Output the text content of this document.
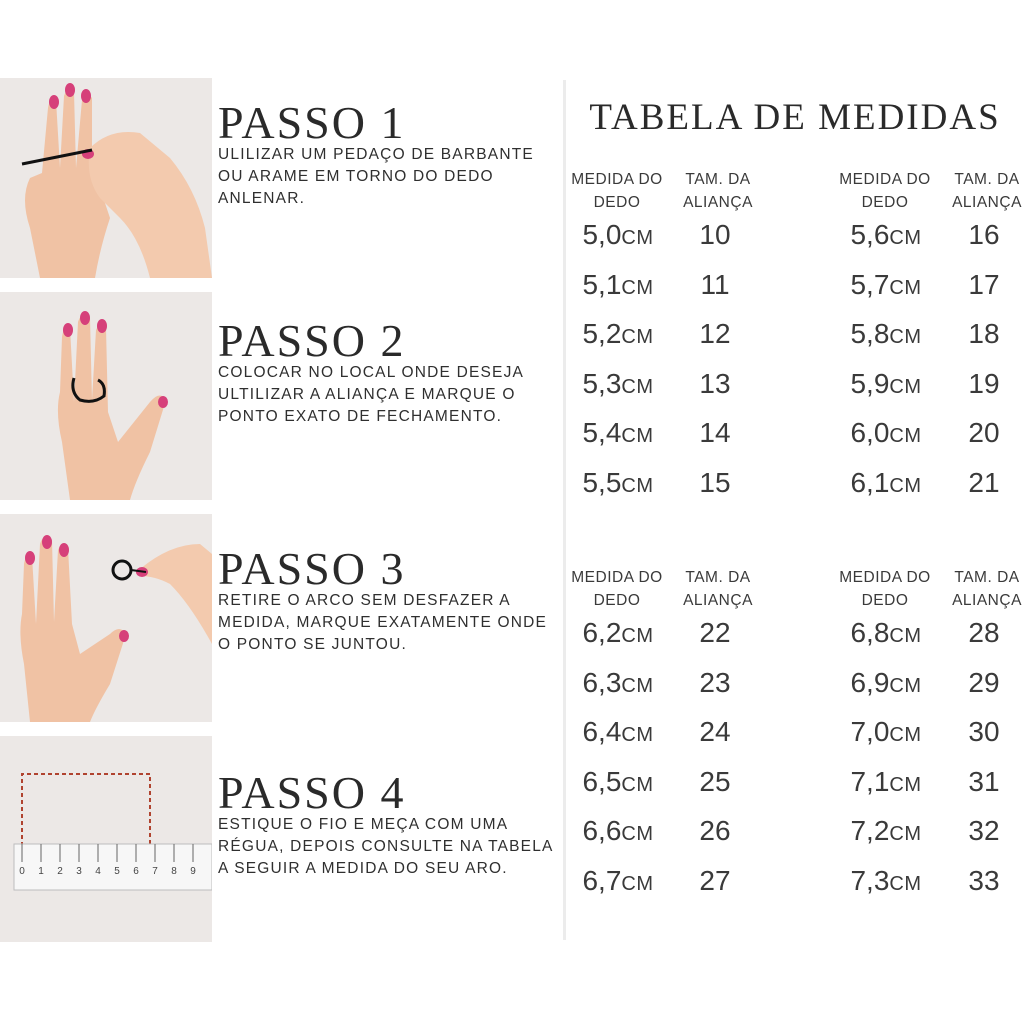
PASSO 1
ULILIZAR UM PEDAÇO DE BARBANTE OU ARAME EM TORNO DO DEDO ANLENAR.
PASSO 2
COLOCAR NO LOCAL ONDE DESEJA ULTILIZAR A ALIANÇA E MARQUE O PONTO EXATO DE FECHAMENTO.
PASSO 3
RETIRE O ARCO SEM DESFAZER A MEDIDA, MARQUE EXATAMENTE ONDE O PONTO SE JUNTOU.
0 1 2 3 4 5 6 7 8 9
PASSO 4
ESTIQUE O FIO E MEÇA COM UMA RÉGUA, DEPOIS CONSULTE NA TABELA A SEGUIR A MEDIDA DO SEU ARO.
TABELA DE MEDIDAS
MEDIDA DO DEDO
TAM. DA ALIANÇA
5,0CM	10
5,1CM	11
5,2CM	12
5,3CM	13
5,4CM	14
5,5CM	15
MEDIDA DO DEDO
TAM. DA ALIANÇA
5,6CM	16
5,7CM	17
5,8CM	18
5,9CM	19
6,0CM	20
6,1CM	21
MEDIDA DO DEDO
TAM. DA ALIANÇA
6,2CM	22
6,3CM	23
6,4CM	24
6,5CM	25
6,6CM	26
6,7CM	27
MEDIDA DO DEDO
TAM. DA ALIANÇA
6,8CM	28
6,9CM	29
7,0CM	30
7,1CM	31
7,2CM	32
7,3CM	33
